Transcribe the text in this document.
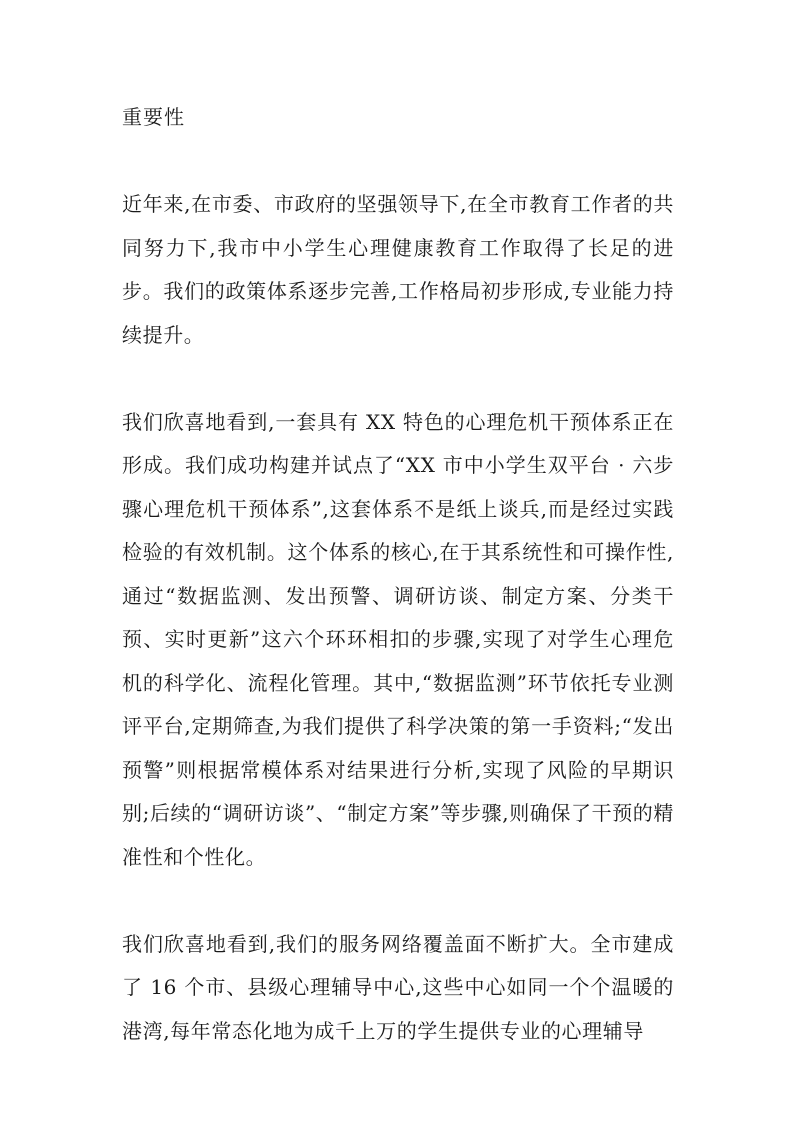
重要性

近年来,在市委、市政府的坚强领导下,在全市教育工作者的共同努力下,我市中小学生心理健康教育工作取得了长足的进步。我们的政策体系逐步完善,工作格局初步形成,专业能力持续提升。

我们欣喜地看到,一套具有 XX 特色的心理危机干预体系正在形成。我们成功构建并试点了“XX 市中小学生双平台 · 六步骤心理危机干预体系”,这套体系不是纸上谈兵,而是经过实践检验的有效机制。这个体系的核心,在于其系统性和可操作性,通过“数据监测、发出预警、调研访谈、制定方案、分类干预、实时更新”这六个环环相扣的步骤,实现了对学生心理危机的科学化、流程化管理。其中,“数据监测”环节依托专业测评平台,定期筛查,为我们提供了科学决策的第一手资料;“发出预警”则根据常模体系对结果进行分析,实现了风险的早期识别;后续的“调研访谈”、“制定方案”等步骤,则确保了干预的精准性和个性化。

我们欣喜地看到,我们的服务网络覆盖面不断扩大。全市建成了 16 个市、县级心理辅导中心,这些中心如同一个个温暖的港湾,每年常态化地为成千上万的学生提供专业的心理辅导
